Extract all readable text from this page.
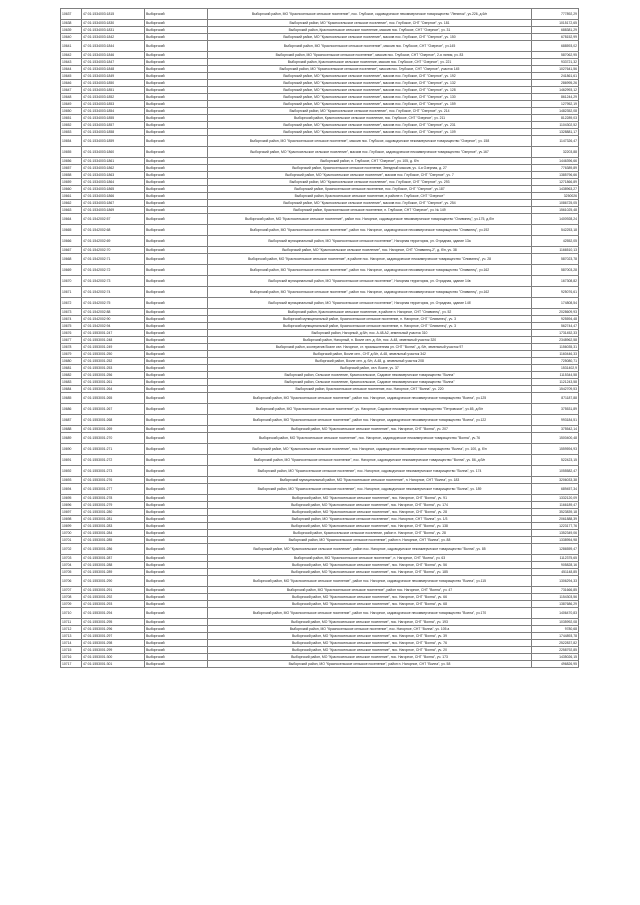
10637	47:01:1534003:1815	Выборгский	Выборгский район, МО "Красносельское сельское поселение", пос. Глубокое, садоводческое некоммерческое товарищество "Ленинок", уч.226, д.6/н	777892,29
10638	47:01:1534003:1830	Выборгский	Выборгский район, МО "Красносельское сельское поселение", пос. Глубокое, СНТ "Озерное", уч. 181	1015172,65
10639	47:01:1534003:1831	Выборгский	Выборгский район, Красносельское сельское поселение, массив пос. Глубокое, СНТ "Озерное", уч. 31	688381,29
10640	47:01:1534003:1842	Выборгский	Выборгский район, МО "Красносельское сельское поселение", массив пос. Глубокое, СНТ "Озерное", уч. 150	678152,99
10641	47:01:1534003:1844	Выборгский	Выборгский район, МО "Красносельское сельское поселение", массив пос. Глубокое, СНТ "Озерное", уч.145	688593,02
10642	47:01:1534003:1846	Выборгский	Выборгский район, МО "Красносельское сельское поселение", массив пос. Глубокое, СНТ "Озерное", 2-я линия, уч. 83	587062,95
10643	47:01:1534003:1847	Выборгский	Выборгский район, Красносельское сельское поселение, массив пос. Глубокое, СНТ "Озерное", уч. 221	933721,32
10644	47:01:1534003:1848	Выборгский	Выборгский район, МО "Красносельское сельское поселение", массив пос. Глубокое, СНТ "Озерное", участок 145	1027641,56
10645	47:01:1534003:1849	Выборгский	Выборгский район, МО "Красносельское сельское поселение", массив пос. Глубокое, СНТ "Озерное", уч. 192	241861,61
10646	47:01:1534003:1850	Выборгский	Выборгский район, МО "Красносельское сельское поселение", массив пос. Глубокое, СНТ "Озерное", уч. 132	286995,26
10647	47:01:1534003:1851	Выборгский	Выборгский район, МО "Красносельское сельское поселение", массив пос. Глубокое, СНТ "Озерное", уч. 128	1462993,12
10648	47:01:1534003:1852	Выборгский	Выборгский район, МО "Красносельское сельское поселение", массив пос. Глубокое, СНТ "Озерное", уч. 130	861244,29
10649	47:01:1534003:1853	Выборгский	Выборгский район, МО "Красносельское сельское поселение", массив пос. Глубокое, СНТ "Озерное", уч. 159	127952,19
10650	47:01:1534003:1854	Выборгский	Выборгский район, МО "Красносельское сельское поселение", пос. Глубокое, СНТ "Озерное", уч. 214	1482352,08
10651	47:01:1534003:1855	Выборгский	Выборгский район, Красносельское сельское поселение, пос. Глубокое, СНТ "Озерное", уч. 211	812289,03
10652	47:01:1534003:1857	Выборгский	Выборгский район, МО "Красносельское сельское поселение", массив пос. Глубокое, СНТ "Озерное", уч. 231	1104302,52
10653	47:01:1534003:1858	Выборгский	Выборгский район, МО "Красносельское сельское поселение", массив пос. Глубокое, СНТ "Озерное", уч. 109	1328881,17
10654	47:01:1534003:1859	Выборгский	Выборгский район, МО "Красносельское сельское поселение", массив пос. Глубокое, садоводческое некоммерческое товарищество "Озерное", уч. 158	1147326,47
10655	47:01:1534003:1860	Выборгский	Выборгский район, МО "Красносельское сельское поселение", массив пос. Глубокое, садоводческое некоммерческое товарищество "Озерное", уч.167	32203,88
10656	47:01:1534003:1861	Выборгский	Выборгский район, п. Глубокое, СНТ "Озерное", уч. 105, д. б/н	1446396,66
10657	47:01:1534003:1862	Выборгский	Выборгский район, Красносельское сельское поселение, Звездный массив, уч. 4-я Озерная, д. 27	776389,89
10658	47:01:1534003:1863	Выборгский	Выборгский район, МО "Красносельское сельское поселение", массив пос. Глубокое, СНТ "Озерное", уч. 7	1385796,66
10659	47:01:1534003:1864	Выборгский	Выборгский район, МО "Красносельское сельское поселение", пос. Глубокое, СНТ "Озерное", уч. 293	1271866,89
10660	47:01:1534003:1865	Выборгский	Выборгский район, Красносельское сельское поселение, пос. Глубокое, СНТ "Озерное", уч.187	1438963,27
10661	47:01:1534003:1866	Выборгский	Выборгский район, Красносельское сельское поселение, в районе п. Глубокое, СНТ "Озерное"	3250026
10662	47:01:1534003:1867	Выборгский	Выборгский район, МО "Красносельское сельское поселение", массив пос. Глубокое, СНТ "Озерное", уч. 254	1086725,05
10663	47:01:1534003:1869	Выборгский	Выборгский район, Красносельское сельское поселение, п. Глубокое, СНТ "Озерное", уч. № 149	1561025,48
10664	47:01:1542002:57	Выборгский	Выборгский район, МО "Красносельское сельское поселение", район пос. Нагорное, садоводческое некоммерческое товарищество "Оливинец", уч.175, д.б/н	1400928,24
10665	47:01:1542002:68	Выборгский	Выборгский район, МО "Красносельское сельское поселение", район пос. Нагорное, садоводческое некоммерческое товарищество "Оливинец", уч.192	542253,18
10666	47:01:1542002:69	Выборгский	Выборгский муниципальный район, МО "Красносельское сельское поселение", Нагорная территория, ул. Отрадная, здание 13а	42552,05
10667	47:01:1542002:70	Выборгский	Выборгский район, МО "Красносельское сельское поселение", пос. Нагорное, СНТ "Оливинец-2", д. б/н, уч. 38	1166510,13
10668	47:01:1542002:71	Выборгский	Выборгский район, МО "Красносельское сельское поселение", в районе пос. Нагорное, садоводческое некоммерческое товарищество "Оливинец", уч. 28	587023,78
10669	47:01:1542002:72	Выборгский	Выборгский район, МО "Красносельское сельское поселение", район пос. Нагорное, садоводческое некоммерческое товарищество "Оливинец", уч.162	587003,28
10670	47:01:1542002:73	Выборгский	Выборгский муниципальный район, МО "Красносельское сельское поселение", Нагорная территория, ул. Отрадная, здание 14в	167308,82
10671	47:01:1542002:74	Выборгский	Выборгский район, МО "Красносельское сельское поселение", район пос. Нагорное, садоводческое некоммерческое товарищество "Оливинец", уч.162	925076,61
10672	47:01:1542002:75	Выборгский	Выборгский муниципальный район, МО "Красносельское сельское поселение", Нагорная территория, ул. Отрадная, здание 14б	174808,54
10673	47:01:1542002:88	Выборгский	Выборгский район, Красносельское сельское поселение, в районе п. Нагорное, СНТ "Оливинец", уч. 52	2028609,93
10674	47:01:1542002:90	Выборгский	Выборгский муниципальный район, Красносельское сельское поселение, п. Нагорное, СНТ "Оливинец", уч. 3	925594,48
10675	47:01:1542002:94	Выборгский	Выборгский муниципальный район, Красносельское сельское поселение, п. Нагорное, СНТ "Оливинец", уч. 3	562744,47
10676	47:01:1553001:247	Выборгский	Выборгский район, Нагорный, д.б/н, пос. А.48.А2, земельный участок 310	1731452,33
10677	47:01:1553001:248	Выборгский	Выборгский район, Нагорный, п. Возле сел. д. б/н, пос. А.48, земельный участок 320	2348962,58
10678	47:01:1553001:249	Выборгский	Выборгский район, кооператив Возле сел. Нагорное, ст. промышленная ул. СНТ "Волна", д. б/н, земельный участок 97	1156035,31
10679	47:01:1553001:250	Выборгский	Выборгский район, Возле сел., СНТ д.б/н, А.48, земельный участок 342	1160446,33
10680	47:01:1553001:252	Выборгский	Выборгский район, Возле сел. д. б/н, А.48, д. земельный участок 208	725080,71
10681	47:01:1553001:253	Выборгский	Выборгский район, сел. Возле, уч. 37	1531402,9
10682	47:01:1553001:256	Выборгский	Выборгский район, Сельское поселение, Красносельское, Садовое некоммерческое товарищество "Волна"	1115344,58
10683	47:01:1553001:261	Выборгский	Выборгский район, Сельское поселение, Красносельское, Садовое некоммерческое товарищество "Волна"	1121243,58
10684	47:01:1553001:264	Выборгский	Выборгский район, Красносельское сельское поселение, пос. Нагорное, СНТ "Волна", уч. 220	1542709,53
10685	47:01:1553001:265	Выборгский	Выборгский район, МО "Красносельское сельское поселение", район пос. Нагорное, садоводческое некоммерческое товарищество "Волна", уч.125	871187,88
10686	47:01:1553001:267	Выборгский	Выборгский район, МО "Красносельское сельское поселение", уч. Нагорное, Садовое некоммерческое товарищество "Петровское", уч.65, д.б/н	375531,89
10687	47:01:1553001:268	Выборгский	Выборгский район, МО "Красносельское сельское поселение", район пос. Нагорное, садоводческое некоммерческое товарищество "Волна", уч.122	993184,51
10688	47:01:1553001:269	Выборгский	Выборгский район, МО "Красносельское сельское поселение", пос. Нагорное, СНТ "Волна", уч. 207	375542,14
10689	47:01:1553001:270	Выборгский	Выборгский район, МО "Красносельское сельское поселение", пос. Нагорное, садоводческое некоммерческое товарищество "Волна", уч.76	1500400,48
10690	47:01:1553001:271	Выборгский	Выборгский район, МО "Красносельское сельское поселение", пос. Нагорное, садоводческое некоммерческое товарищество "Волна", уч. 100, д. б/н	1559594,93
10691	47:01:1553001:272	Выборгский	Выборгский район, МО "Красносельское сельское поселение", пос. Нагорное, садоводческое некоммерческое товарищество "Волна", уч. 86, д.б/н	522423,15
10692	47:01:1553001:273	Выборгский	Выборгский район, МО "Красносельское сельское поселение", пос. Нагорное, садоводческое некоммерческое товарищество "Волна", уч. 174	1055582,47
10693	47:01:1553001:276	Выборгский	Выборгский муниципальный район, МО "Красносельское сельское поселение", п. Нагорное, СНТ "Волна", уч. 183	3206033,38
10694	47:01:1553001:277	Выборгский	Выборгский район, МО "Красносельское сельское поселение", пос. Нагорное, садоводческое некоммерческое товарищество "Волна", уч. 189	689457,34
10695	47:01:1553001:278	Выборгский	Выборгский район, МО "Красносельское сельское поселение", пос. Нагорное, СНТ "Волна", уч. 91	1332120,09
10696	47:01:1553001:279	Выборгский	Выборгский район, МО "Красносельское сельское поселение", пос. Нагорное, СНТ "Волна", уч. 174	1166189,47
10697	47:01:1553001:280	Выборгский	Выборгский район, МО "Красносельское сельское поселение", пос. Нагорное, СНТ "Волна", уч. 28	3523839,18
10698	47:01:1553001:281	Выборгский	Выборгский район, МО "Красносельское сельское поселение", пос. Нагорное, СНТ "Волна", уч. 1/3	2061888,39
10699	47:01:1553001:283	Выборгский	Выборгский район, МО "Красносельское сельское поселение", пос. Нагорное, СНТ "Волна", уч. 138	1223177,76
10700	47:01:1553001:284	Выборгский	Выборгский район, Красносельское сельское поселение, район п. Нагорное, СНТ "Волна", уч. 28	1352349,06
10701	47:01:1553001:285	Выборгский	Выборгский район, МО "Красносельское сельское поселение", район п. Нагорное, СНТ "Волна", уч. 88	1338954,98
10702	47:01:1553001:286	Выборгский	Выборгский район, МО "Красносельское сельское поселение", район пос. Нагорное, садоводческое некоммерческое товарищество "Волна", уч. 85	1286559,47
10703	47:01:1553001:287	Выборгский	Выборгский район, МО "Красносельское сельское поселение", п. Нагорное, СНТ "Волна", уч. 63	1112375,65
10704	47:01:1553001:288	Выборгский	Выборгский район, МО "Красносельское сельское поселение", пос. Нагорное, СНТ "Волна", уч. 56	905828,16
10705	47:01:1553001:289	Выборгский	Выборгский район, МО "Красносельское сельское поселение", пос. Нагорное, СНТ "Волна", уч. 185	451148,85
10706	47:01:1553001:290	Выборгский	Выборгский район, МО "Красносельское сельское поселение", район пос. Нагорное, садоводческое некоммерческое товарищество "Волна", уч.115	1306294,33
10707	47:01:1553001:291	Выборгский	Выборгский район, МО "Красносельское сельское поселение", район пос. Нагорное, СНТ "Волна", уч. 47	731666,85
10708	47:01:1553001:292	Выборгский	Выборгский район, МО "Красносельское сельское поселение", пос. Нагорное, СНТ "Волна", уч. 66	1154303,56
10709	47:01:1553001:293	Выборгский	Выборгский район, МО "Красносельское сельское поселение", пос. Нагорное, СНТ "Волна", уч. 68	1387686,29
10710	47:01:1553001:294	Выборгский	Выборгский район, МО "Красносельское сельское поселение", район пос. Нагорное, садоводческое некоммерческое товарищество "Волна", уч.170	1406470,83
10711	47:01:1553001:295	Выборгский	Выборгский район, МО "Красносельское сельское поселение", пос. Нагорное, СНТ "Волна", уч. 193	1035992,08
10712	47:01:1553001:296	Выборгский	Выборгский район, МО "Красносельское сельское поселение", пос. Нагорное, СНТ "Волна", уч. 105 а	9780,68
10713	47:01:1553001:297	Выборгский	Выборгский район, МО "Красносельское сельское поселение", пос. Нагорное, СНТ "Волна", уч. 39	1744893,78
10714	47:01:1553001:298	Выборгский	Выборгский район, МО "Красносельское сельское поселение", пос. Нагорное, СНТ "Волна", уч. 76	2522837,82
10715	47:01:1553001:299	Выборгский	Выборгский район, МО "Красносельское сельское поселение", пос. Нагорное, СНТ "Волна", уч. 20	2258792,85
10716	47:01:1553001:300	Выборгский	Выборгский район, МО "Красносельское сельское поселение", пос. Нагорное, СНТ "Волна", уч. 173	1435026,15
10717	47:01:1553001:301	Выборгский	Выборгский район, МО "Красносельское сельское поселение", район п. Нагорное, СНТ "Волна", уч. 58	496826,95
